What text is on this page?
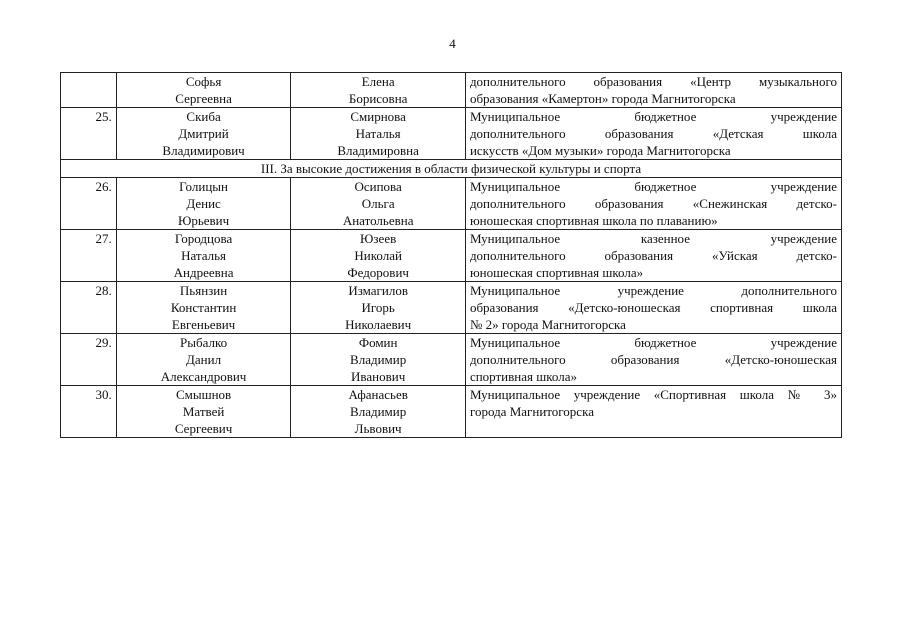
4

	Софья
Сергеевна	Елена
Борисовна	дополнительного образования «Центр музыкального
образования «Камертон» города Магнитогорска

25.	Скиба
Дмитрий
Владимирович	Смирнова
Наталья
Владимировна	Муниципальное бюджетное учреждение
дополнительного образования «Детская школа
искусств «Дом музыки» города Магнитогорска

III. За высокие достижения в области физической культуры и спорта			
26.	Голицын
Денис
Юрьевич	Осипова
Ольга
Анатольевна	Муниципальное бюджетное учреждение
дополнительного образования «Снежинская детско-
юношеская спортивная школа по плаванию»

27.	Городцова
Наталья
Андреевна	Юзеев
Николай
Федорович	Муниципальное казенное учреждение
дополнительного образования «Уйская детско-
юношеская спортивная школа»

28.	Пьянзин
Константин
Евгеньевич	Измагилов
Игорь
Николаевич	Муниципальное учреждение дополнительного
образования «Детско-юношеская спортивная школа
№ 2» города Магнитогорска

29.	Рыбалко
Данил
Александрович	Фомин
Владимир
Иванович	Муниципальное бюджетное учреждение
дополнительного образования «Детско-юношеская
спортивная школа»

30.	Смышнов
Матвей
Сергеевич	Афанасьев
Владимир
Львович	Муниципальное учреждение «Спортивная школа № 3»
города Магнитогорска
